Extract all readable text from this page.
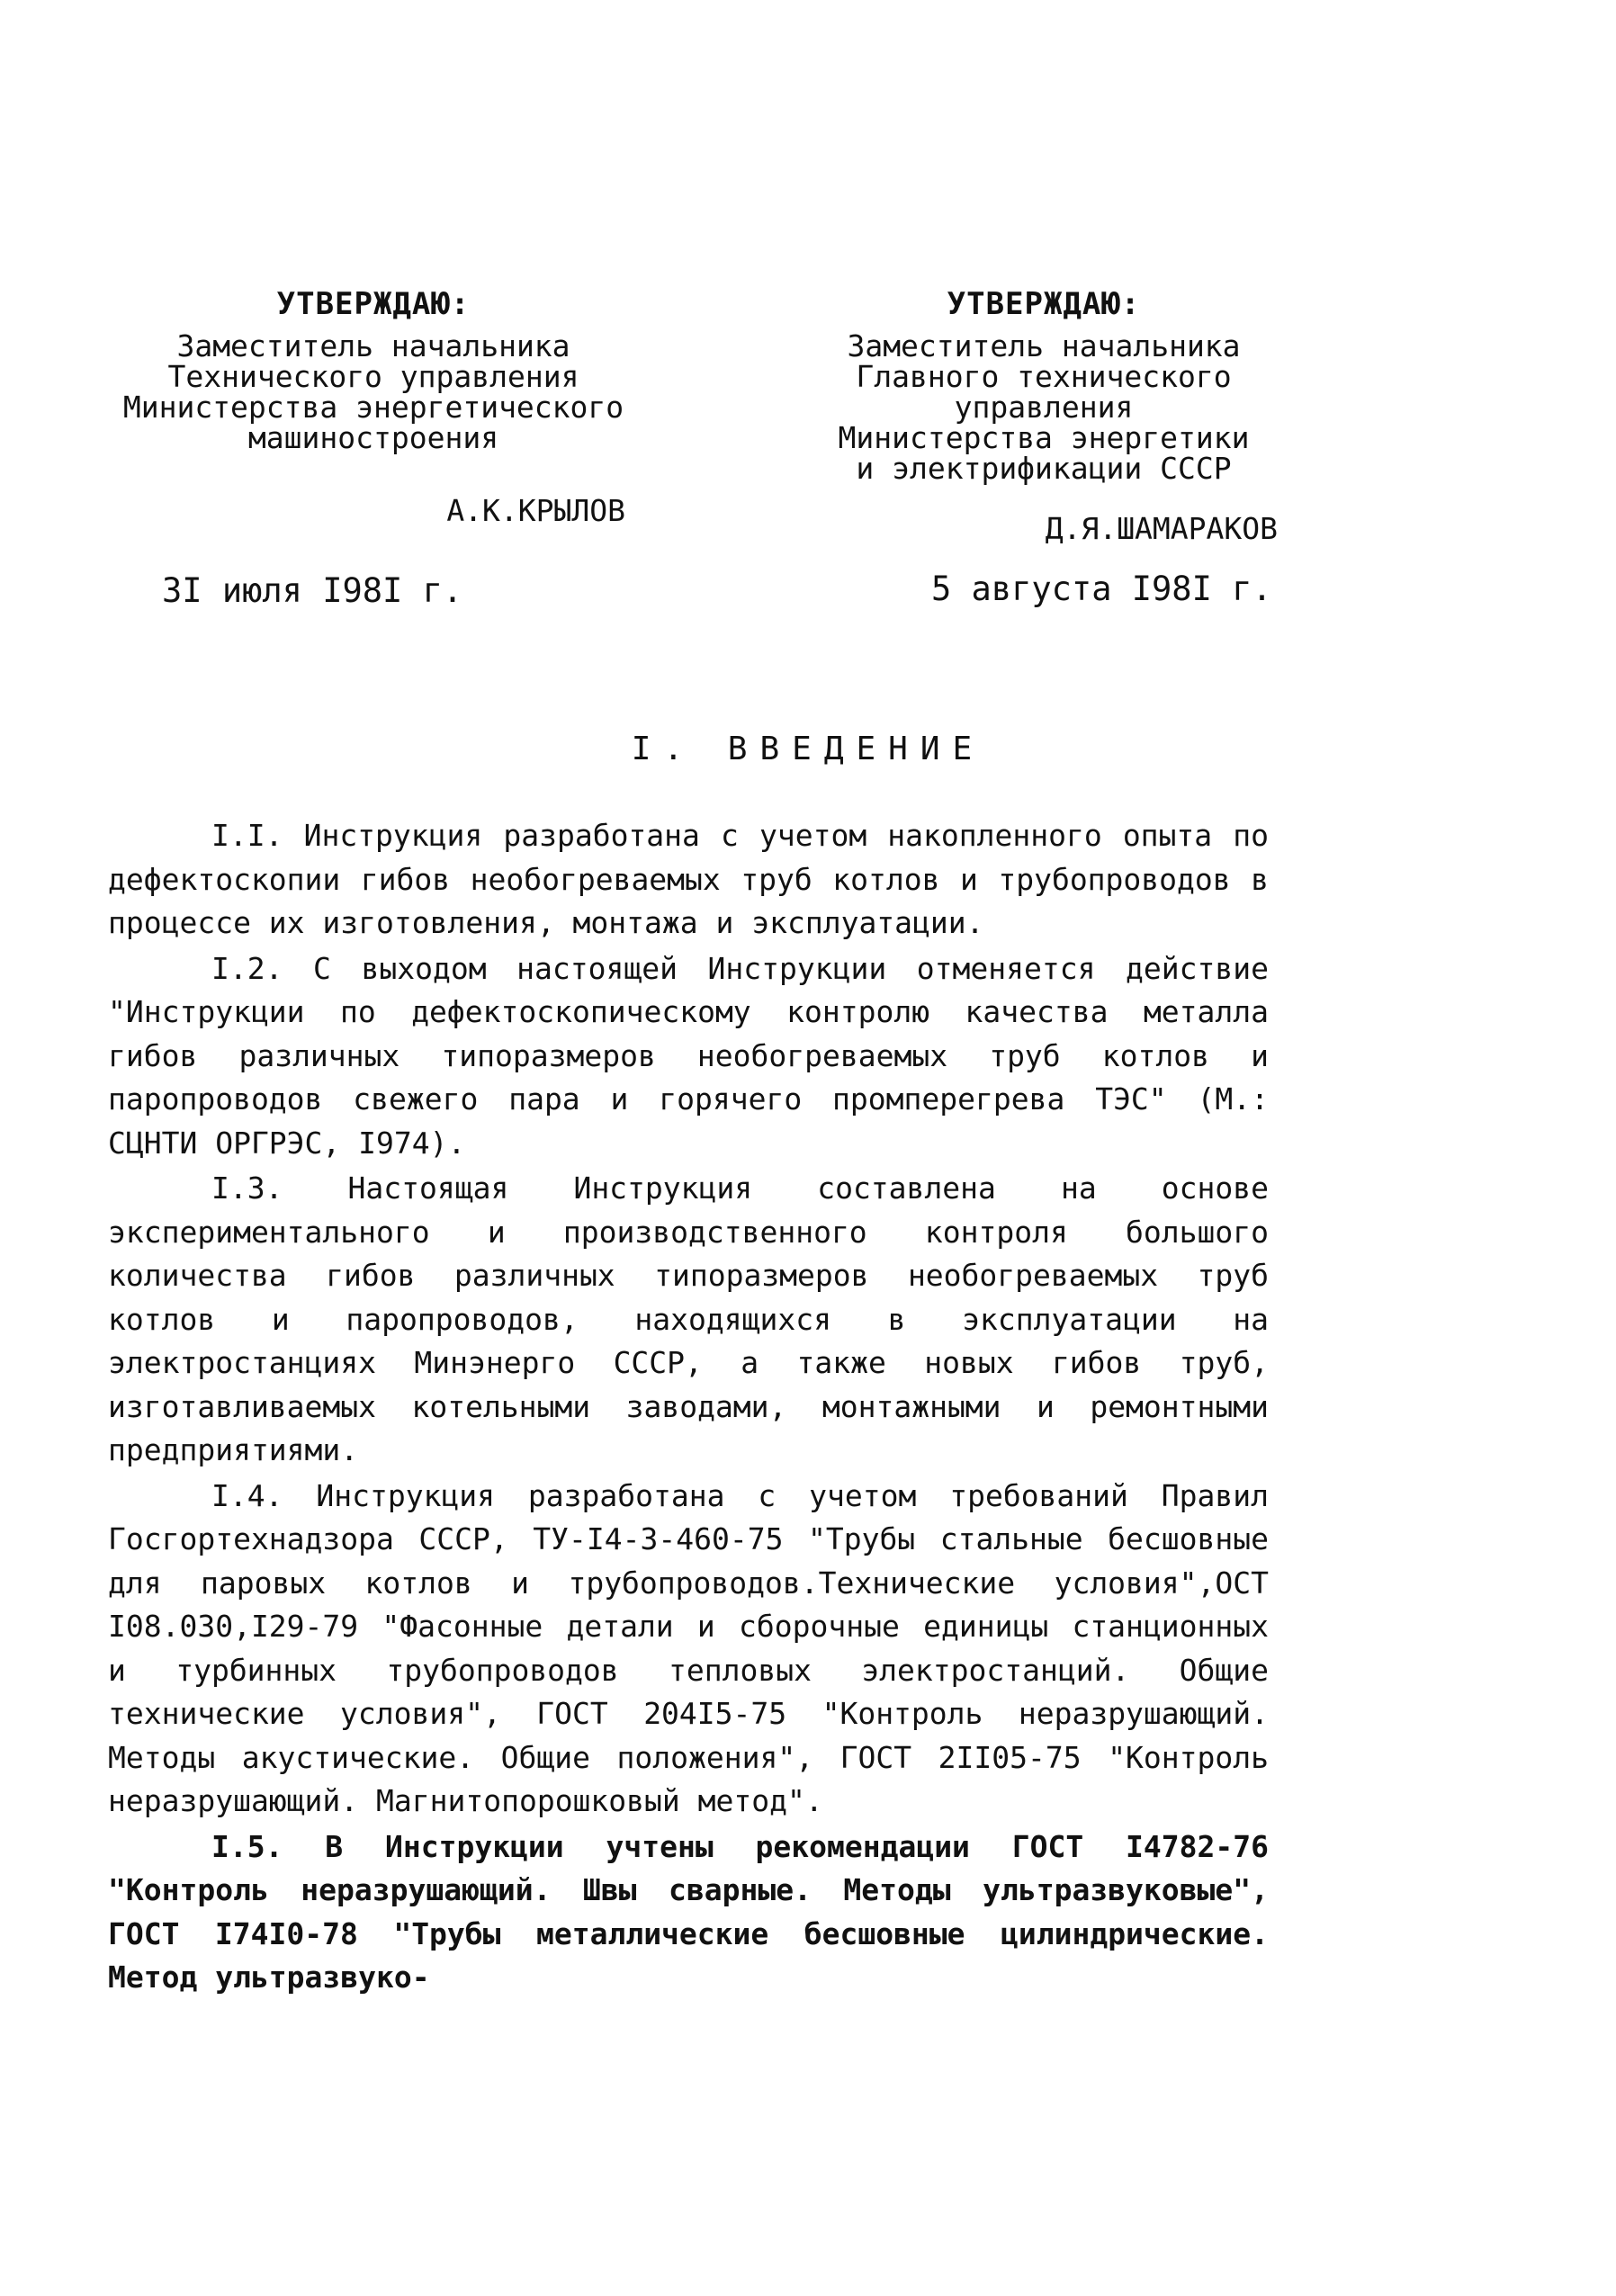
УТВЕРЖДАЮ:
Заместитель начальника
Технического управления
Министерства энергетического
машиностроения
А.К.КРЫЛОВ
3I июля I98I г.
УТВЕРЖДАЮ:
Заместитель начальника
Главного технического
управления
Министерства энергетики
и электрификации СССР
Д.Я.ШАМАРАКОВ
5 августа I98I г.
I. ВВЕДЕНИЕ

I.I. Инструкция разработана с учетом накопленного опыта по дефектоскопии гибов необогреваемых труб котлов и трубопроводов в процессе их изготовления, монтажа и эксплуатации.

I.2. С выходом настоящей Инструкции отменяется действие "Инструкции по дефектоскопическому контролю качества металла гибов различных типоразмеров необогреваемых труб котлов и паропроводов свежего пара и горячего промперегрева ТЭС" (М.: СЦНТИ ОРГРЭС, I974).

I.3. Настоящая Инструкция составлена на основе экспериментального и производственного контроля большого количества гибов различных типоразмеров необогреваемых труб котлов и паропроводов, находящихся в эксплуатации на электростанциях Минэнерго СССР, а также новых гибов труб, изготавливаемых котельными заводами, монтажными и ремонтными предприятиями.

I.4. Инструкция разработана с учетом требований Правил Госгортехнадзора СССР, ТУ-I4-3-460-75 "Трубы стальные бесшовные для паровых котлов и трубопроводов.Технические условия",ОСТ I08.030,I29-79 "Фасонные детали и сборочные единицы станционных и турбинных трубопроводов тепловых электростанций. Общие технические условия", ГОСТ 204I5-75 "Контроль неразрушающий. Методы акустические. Общие положения", ГОСТ 2II05-75 "Контроль неразрушающий. Магнитопорошковый метод".

I.5. В Инструкции учтены рекомендации ГОСТ I4782-76 "Контроль неразрушающий. Швы сварные. Методы ультразвуковые", ГОСТ I74I0-78 "Трубы металлические бесшовные цилиндрические. Метод ультразвуко-
